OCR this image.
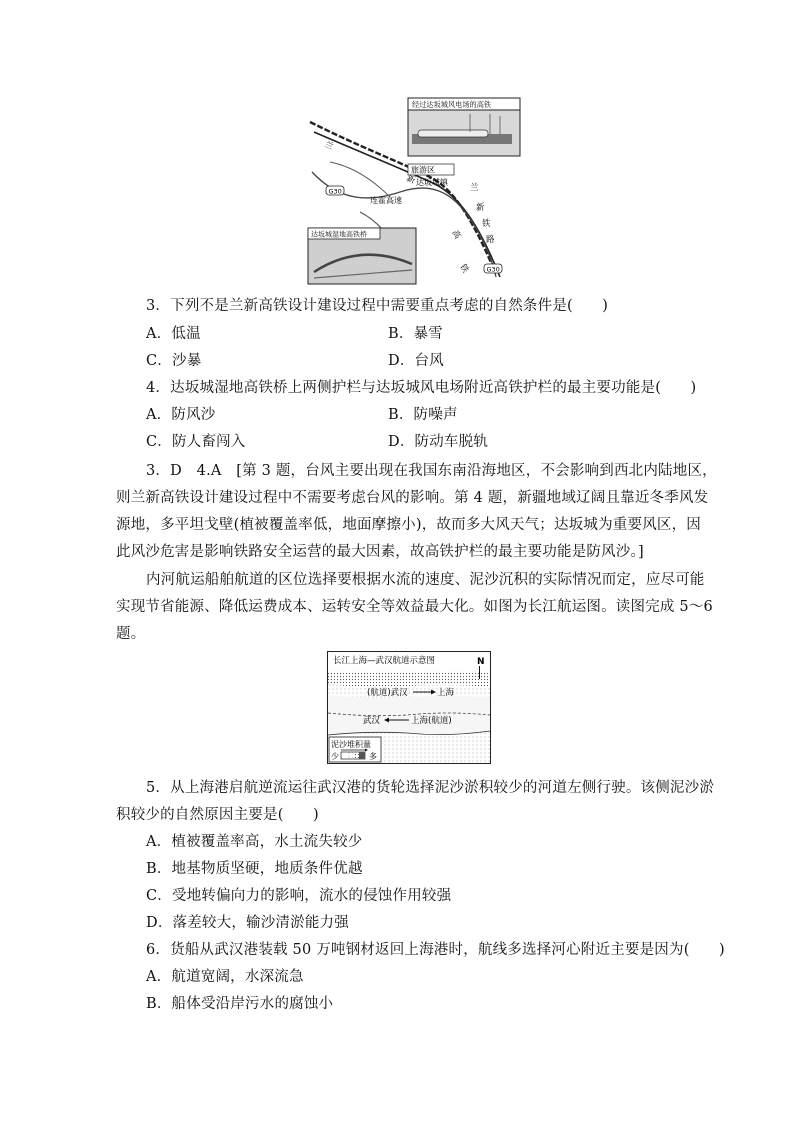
经过达坂城风电场的高铁
达坂城湿地高铁桥
旅游区
达坂城镇
连霍高速
G30
G30
兰
新
铁
路
兰
新
高
铁
3．下列不是兰新高铁设计建设过程中需要重点考虑的自然条件是(　　)
A．低温	B．暴雪
C．沙暴	D．台风
4．达坂城湿地高铁桥上两侧护栏与达坂城风电场附近高铁护栏的最主要功能是(　　)
A．防风沙	B．防噪声
C．防人畜闯入	D．防动车脱轨
3．D　4.A　[第 3 题，台风主要出现在我国东南沿海地区，不会影响到西北内陆地区，
则兰新高铁设计建设过程中不需要考虑台风的影响。第 4 题，新疆地域辽阔且靠近冬季风发
源地，多平坦戈壁(植被覆盖率低，地面摩擦小)，故而多大风天气；达坂城为重要风区，因
此风沙危害是影响铁路安全运营的最大因素，故高铁护栏的最主要功能是防风沙。]
内河航运船舶航道的区位选择要根据水流的速度、泥沙沉积的实际情况而定，应尽可能
实现节省能源、降低运费成本、运转安全等效益最大化。如图为长江航运图。读图完成 5～6
题。
长江上海—武汉航道示意图	N
(航道)武汉	上海
武汉	上海(航道)
泥沙堆积量
少	多
5．从上海港启航逆流运往武汉港的货轮选择泥沙淤积较少的河道左侧行驶。该侧泥沙淤
积较少的自然原因主要是(　　)
A．植被覆盖率高，水土流失较少
B．地基物质坚硬，地质条件优越
C．受地转偏向力的影响，流水的侵蚀作用较强
D．落差较大，输沙清淤能力强
6．货船从武汉港装载 50 万吨钢材返回上海港时，航线多选择河心附近主要是因为(　　)
A．航道宽阔，水深流急
B．船体受沿岸污水的腐蚀小
